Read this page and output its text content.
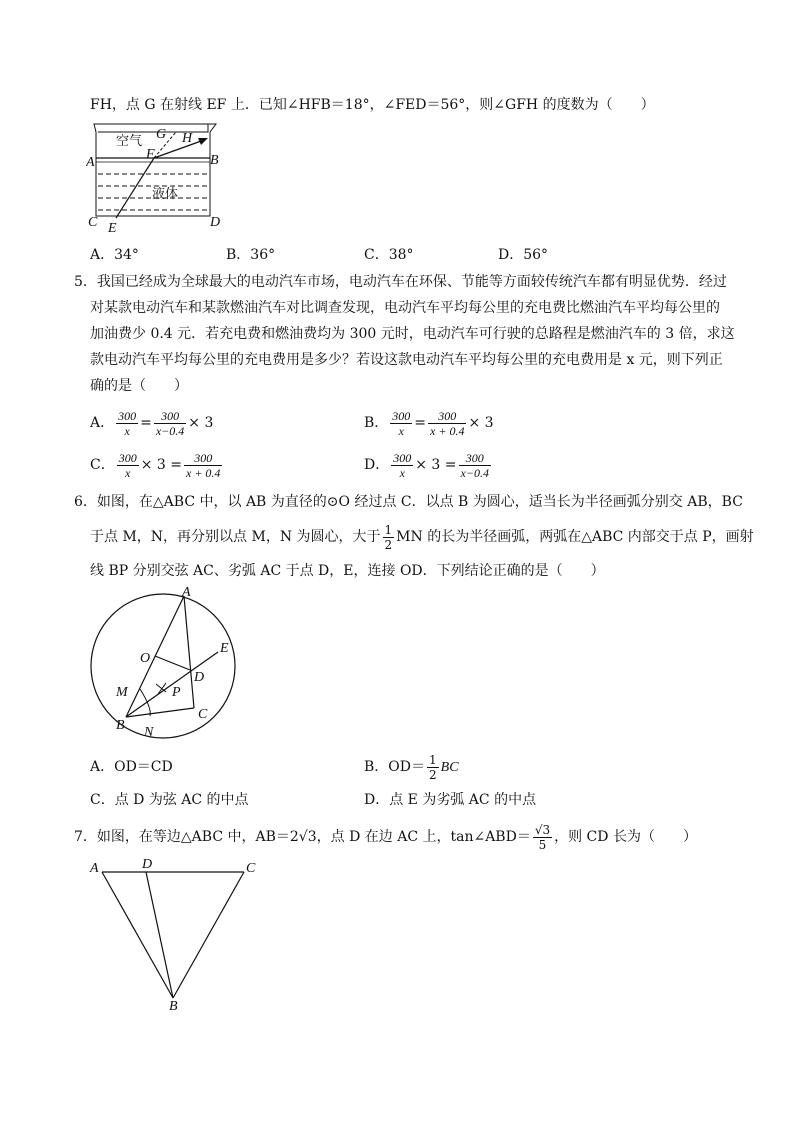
FH，点 G 在射线 EF 上．已知∠HFB＝18°，∠FED＝56°，则∠GFH 的度数为（　　）
空气
液体
A	B
C	D
E
F
G H
A．34°	B．36°	C．38°	D．56°
5．我国已经成为全球最大的电动汽车市场，电动汽车在环保、节能等方面较传统汽车都有明显优势．经过
对某款电动汽车和某款燃油汽车对比调查发现，电动汽车平均每公里的充电费比燃油汽车平均每公里的
加油费少 0.4 元．若充电费和燃油费均为 300 元时，电动汽车可行驶的总路程是燃油汽车的 3 倍，求这
款电动汽车平均每公里的充电费用是多少？若设这款电动汽车平均每公里的充电费用是 x 元，则下列正
确的是（　　）
A． $\frac{300}{x} = \frac{300}{x-0.4} \times 3$	B． $\frac{300}{x} = \frac{300}{x + 0.4} \times 3$
C． $\frac{300}{x} \times 3 = \frac{300}{x + 0.4}$	D． $\frac{300}{x} \times 3 = \frac{300}{x-0.4}$
6．如图，在△ABC 中，以 AB 为直径的⊙O 经过点 C．以点 B 为圆心，适当长为半径画弧分别交 AB，BC
于点 M，N，再分别以点 M，N 为圆心，大于 $\frac{1}{2}$ MN 的长为半径画弧，两弧在△ABC 内部交于点 P，画射
线 BP 分别交弦 AC、劣弧 AC 于点 D，E，连接 OD．下列结论正确的是（　　）
A
O
E
D
M	P
B N
C
A．OD＝CD	B．$OD= \frac{1}{2}$ BC
C．点 D 为弦 AC 的中点	D．点 E 为劣弧 AC 的中点
7．如图，在等边△ABC 中，AB＝2√3，点 D 在边 AC 上，tan∠ABD＝ $\frac{√3}{5}$ ，则 CD 长为（　　）
A	D	C
B
